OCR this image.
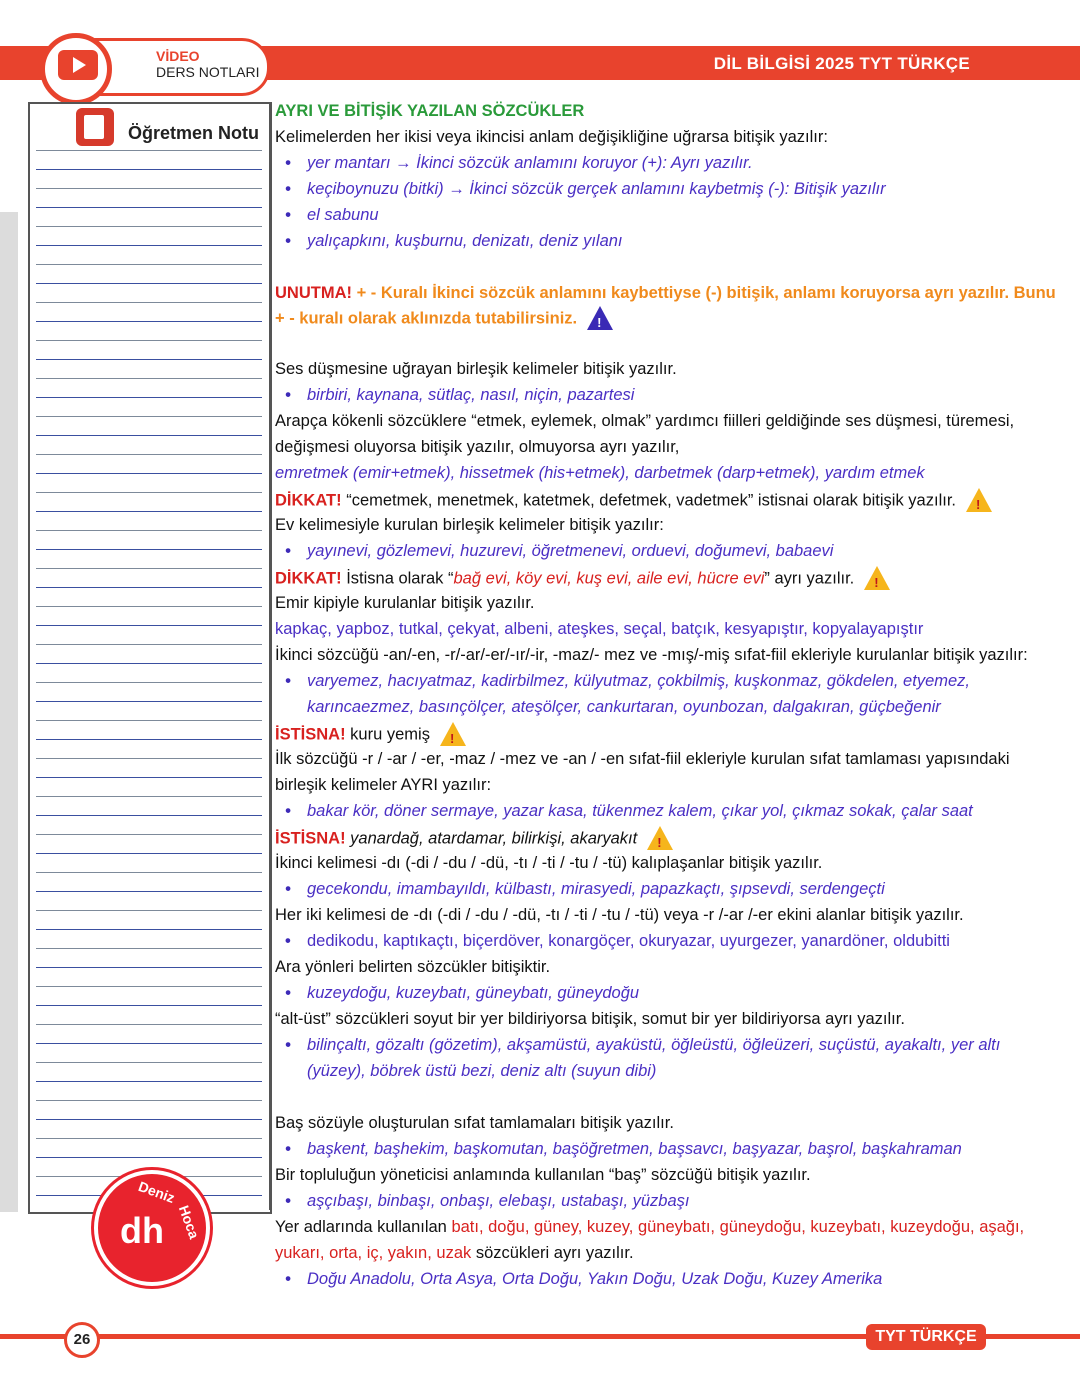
VİDEO
DERS NOTLARI	DİL BİLGİSİ 2025 TYT TÜRKÇE
Öğretmen Notu
Deniz
Hoca
dh
AYRI VE BİTİŞİK YAZILAN SÖZCÜKLER
Kelimelerden her ikisi veya ikincisi anlam değişikliğine uğrarsa bitişik yazılır:
• yer mantarı → İkinci sözcük anlamını koruyor (+): Ayrı yazılır.
• keçiboynuzu (bitki) → İkinci sözcük gerçek anlamını kaybetmiş (-): Bitişik yazılır
• el sabunu
• yalıçapkını, kuşburnu, denizatı, deniz yılanı
UNUTMA! + - Kuralı İkinci sözcük anlamını kaybettiyse (-) bitişik, anlamı koruyorsa ayrı yazılır. Bunu
+ - kuralı olarak aklınızda tutabilirsiniz.
!
Ses düşmesine uğrayan birleşik kelimeler bitişik yazılır.
• birbiri, kaynana, sütlaç, nasıl, niçin, pazartesi
Arapça kökenli sözcüklere “etmek, eylemek, olmak” yardımcı fiilleri geldiğinde ses düşmesi, türemesi,
değişmesi oluyorsa bitişik yazılır, olmuyorsa ayrı yazılır,
emretmek (emir+etmek), hissetmek (his+etmek), darbetmek (darp+etmek), yardım etmek
DİKKAT! “cemetmek, menetmek, katetmek, defetmek, vadetmek” istisnai olarak bitişik yazılır.
!
Ev kelimesiyle kurulan birleşik kelimeler bitişik yazılır:
• yayınevi, gözlemevi, huzurevi, öğretmenevi, orduevi, doğumevi, babaevi
DİKKAT! İstisna olarak “bağ evi, köy evi, kuş evi, aile evi, hücre evi” ayrı yazılır.
!
Emir kipiyle kurulanlar bitişik yazılır.
kapkaç, yapboz, tutkal, çekyat, albeni, ateşkes, seçal, batçık, kesyapıştır, kopyalayapıştır
İkinci sözcüğü -an/-en, -r/-ar/-er/-ır/-ir, -maz/- mez ve -mış/-miş sıfat-fiil ekleriyle kurulanlar bitişik yazılır:
• varyemez, hacıyatmaz, kadirbilmez, külyutmaz, çokbilmiş, kuşkonmaz, gökdelen, etyemez,
karıncaezmez, basınçölçer, ateşölçer, cankurtaran, oyunbozan, dalgakıran, güçbeğenir
İSTİSNA! kuru yemiş
!
İlk sözcüğü -r / -ar / -er, -maz / -mez ve -an / -en sıfat-fiil ekleriyle kurulan sıfat tamlaması yapısındaki
birleşik kelimeler AYRI yazılır:
• bakar kör, döner sermaye, yazar kasa, tükenmez kalem, çıkar yol, çıkmaz sokak, çalar saat
İSTİSNA! yanardağ, atardamar, bilirkişi, akaryakıt
!
İkinci kelimesi -dı (-di / -du / -dü, -tı / -ti / -tu / -tü) kalıplaşanlar bitişik yazılır.
• gecekondu, imambayıldı, külbastı, mirasyedi, papazkaçtı, şıpsevdi, serdengeçti
Her iki kelimesi de -dı (-di / -du / -dü, -tı / -ti / -tu / -tü) veya -r /-ar /-er ekini alanlar bitişik yazılır.
• dedikodu, kaptıkaçtı, biçerdöver, konargöçer, okuryazar, uyurgezer, yanardöner, oldubitti
Ara yönleri belirten sözcükler bitişiktir.
• kuzeydoğu, kuzeybatı, güneybatı, güneydoğu
“alt-üst” sözcükleri soyut bir yer bildiriyorsa bitişik, somut bir yer bildiriyorsa ayrı yazılır.
• bilinçaltı, gözaltı (gözetim), akşamüstü, ayaküstü, öğleüstü, öğleüzeri, suçüstü, ayakaltı, yer altı
(yüzey), böbrek üstü bezi, deniz altı (suyun dibi)
Baş sözüyle oluşturulan sıfat tamlamaları bitişik yazılır.
• başkent, başhekim, başkomutan, başöğretmen, başsavcı, başyazar, başrol, başkahraman
Bir topluluğun yöneticisi anlamında kullanılan “baş” sözcüğü bitişik yazılır.
• aşçıbaşı, binbaşı, onbaşı, elebaşı, ustabaşı, yüzbaşı
Yer adlarında kullanılan batı, doğu, güney, kuzey, güneybatı, güneydoğu, kuzeybatı, kuzeydoğu, aşağı,
yukarı, orta, iç, yakın, uzak sözcükleri ayrı yazılır.
• Doğu Anadolu, Orta Asya, Orta Doğu, Yakın Doğu, Uzak Doğu, Kuzey Amerika
26	TYT TÜRKÇE
